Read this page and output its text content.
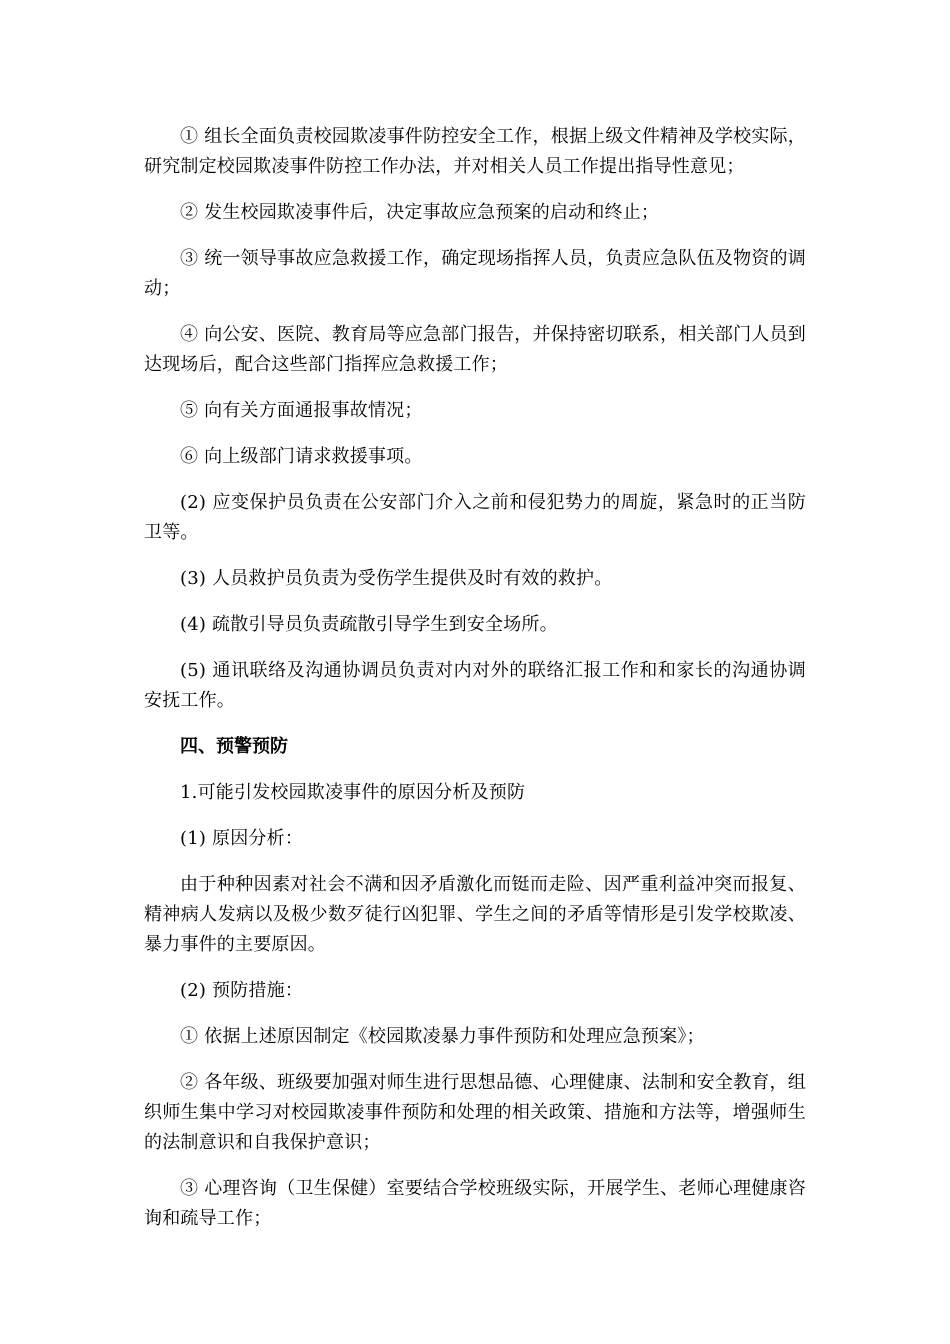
① 组长全面负责校园欺凌事件防控安全工作，根据上级文件精神及学校实际，研究制定校园欺凌事件防控工作办法，并对相关人员工作提出指导性意见；

② 发生校园欺凌事件后，决定事故应急预案的启动和终止；

③ 统一领导事故应急救援工作，确定现场指挥人员，负责应急队伍及物资的调动；

④ 向公安、医院、教育局等应急部门报告，并保持密切联系，相关部门人员到达现场后，配合这些部门指挥应急救援工作；

⑤ 向有关方面通报事故情况；

⑥ 向上级部门请求救援事项。

(2) 应变保护员负责在公安部门介入之前和侵犯势力的周旋，紧急时的正当防卫等。

(3) 人员救护员负责为受伤学生提供及时有效的救护。

(4) 疏散引导员负责疏散引导学生到安全场所。

(5) 通讯联络及沟通协调员负责对内对外的联络汇报工作和和家长的沟通协调安抚工作。

四、预警预防

1.可能引发校园欺凌事件的原因分析及预防

(1) 原因分析：

由于种种因素对社会不满和因矛盾激化而铤而走险、因严重利益冲突而报复、精神病人发病以及极少数歹徒行凶犯罪、学生之间的矛盾等情形是引发学校欺凌、暴力事件的主要原因。

(2) 预防措施：

① 依据上述原因制定《校园欺凌暴力事件预防和处理应急预案》；

② 各年级、班级要加强对师生进行思想品德、心理健康、法制和安全教育，组织师生集中学习对校园欺凌事件预防和处理的相关政策、措施和方法等，增强师生的法制意识和自我保护意识；

③ 心理咨询（卫生保健）室要结合学校班级实际，开展学生、老师心理健康咨询和疏导工作；
